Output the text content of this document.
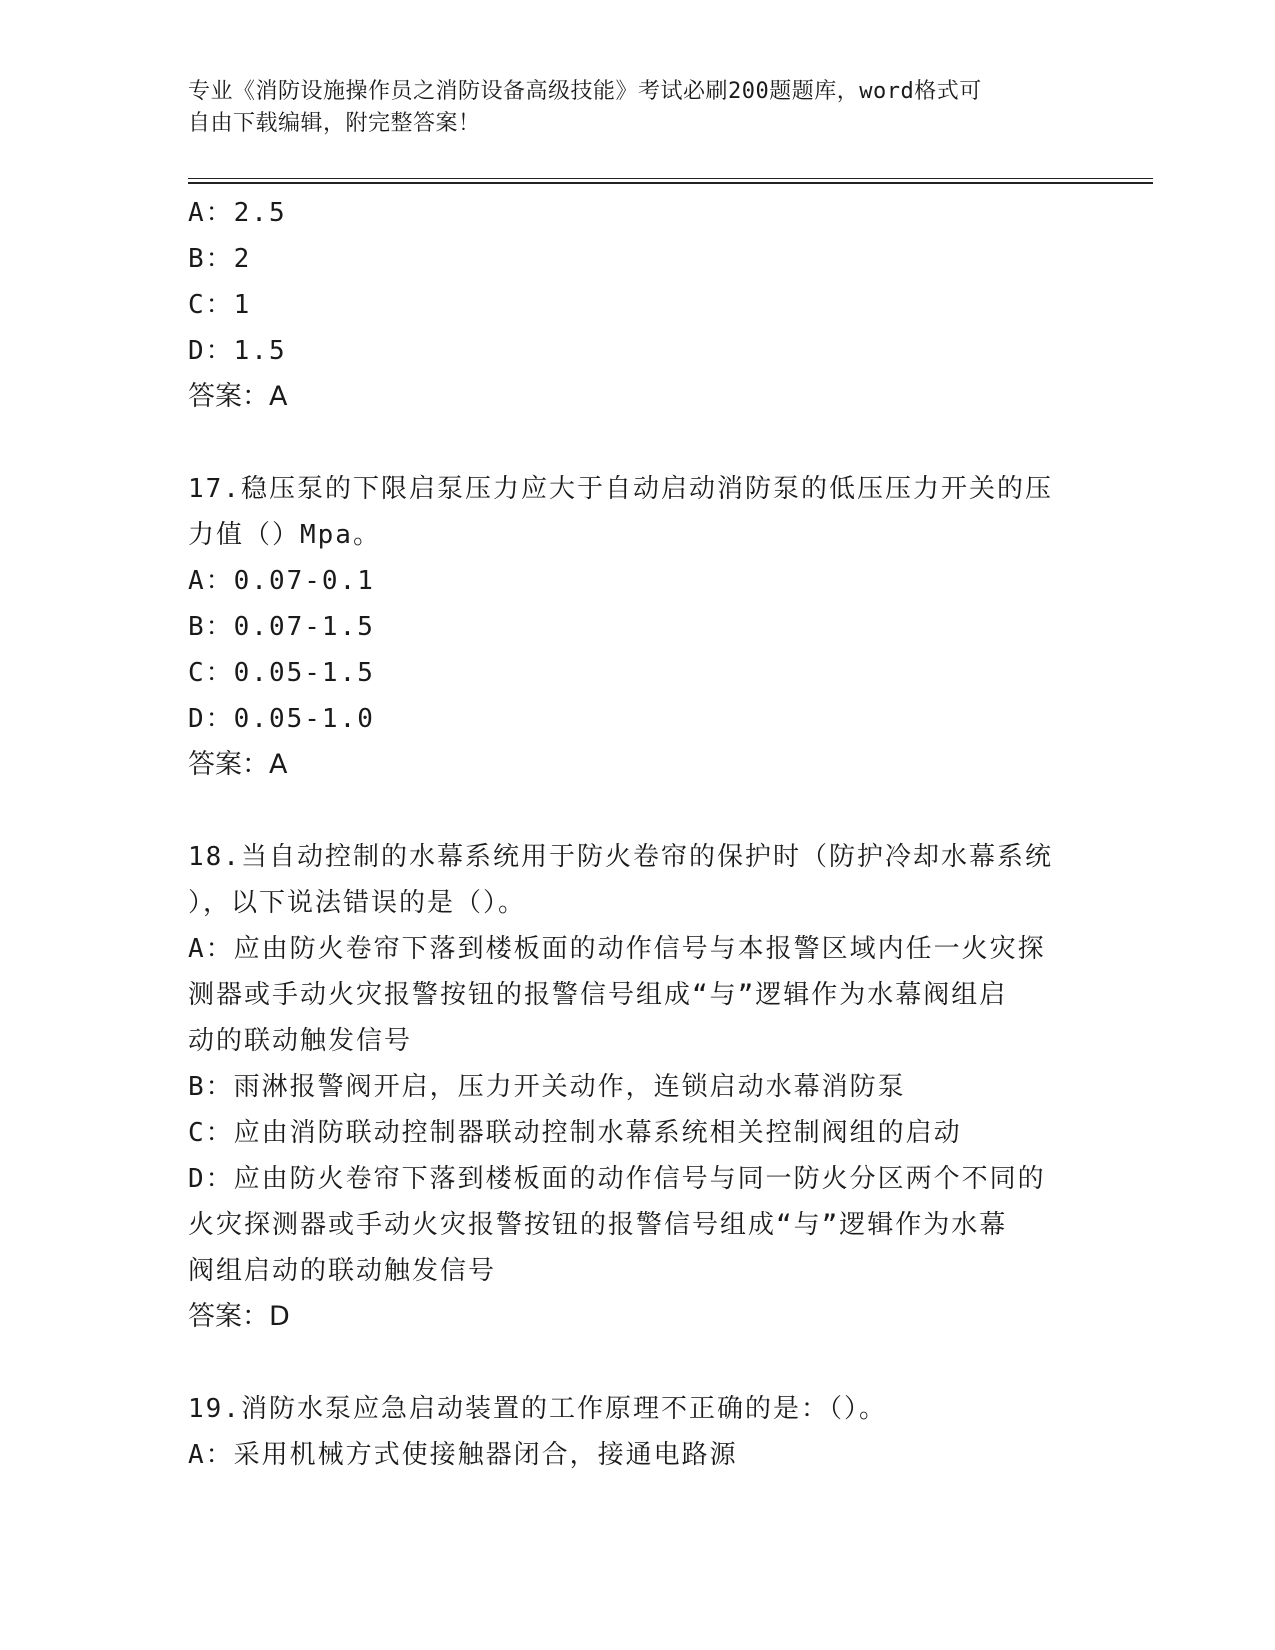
专业《消防设施操作员之消防设备高级技能》考试必刷200题题库，word格式可
自由下载编辑，附完整答案！
A：2.5
B：2
C：1
D：1.5
答案：A
17.稳压泵的下限启泵压力应大于自动启动消防泵的低压压力开关的压
力值（）Mpa。
A：0.07-0.1
B：0.07-1.5
C：0.05-1.5
D：0.05-1.0
答案：A
18.当自动控制的水幕系统用于防火卷帘的保护时（防护冷却水幕系统
），以下说法错误的是（）。
A：应由防火卷帘下落到楼板面的动作信号与本报警区域内任一火灾探
测器或手动火灾报警按钮的报警信号组成“与”逻辑作为水幕阀组启
动的联动触发信号
B：雨淋报警阀开启，压力开关动作，连锁启动水幕消防泵
C：应由消防联动控制器联动控制水幕系统相关控制阀组的启动
D：应由防火卷帘下落到楼板面的动作信号与同一防火分区两个不同的
火灾探测器或手动火灾报警按钮的报警信号组成“与”逻辑作为水幕
阀组启动的联动触发信号
答案：D
19.消防水泵应急启动装置的工作原理不正确的是：（）。
A：采用机械方式使接触器闭合，接通电路源
